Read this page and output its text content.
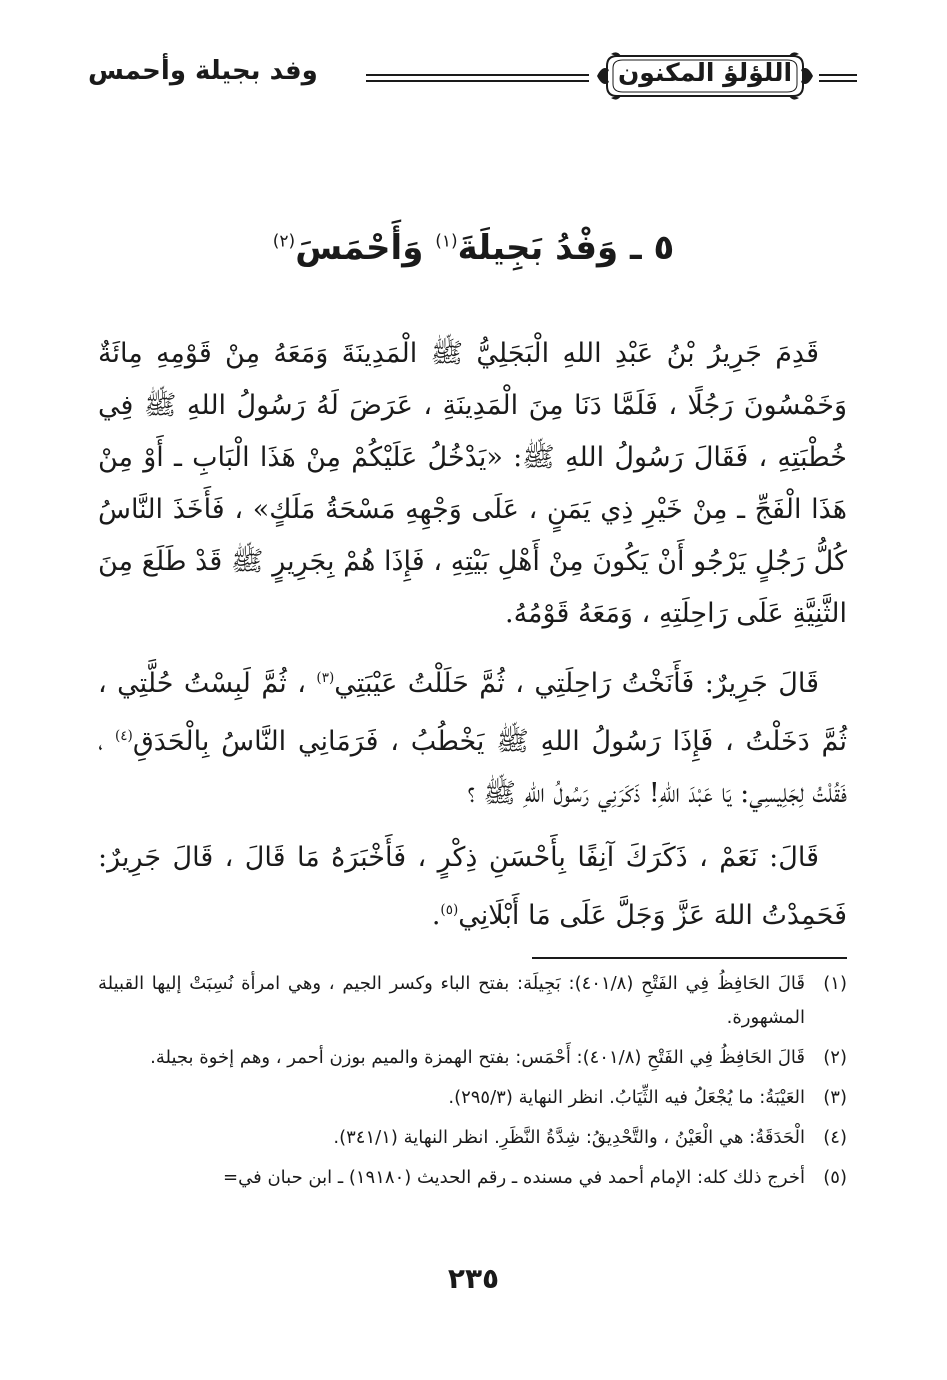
اللؤلؤ المكنون
وفد بجيلة وأحمس
٥ ـ وَفْدُ بَجِيلَةَ$^{(١)}$ وَأَحْمَسَ$^{(٢)}$

قَدِمَ جَرِيرُ بْنُ عَبْدِ اللهِ الْبَجَلِيُّ ﷺ الْمَدِينَةَ وَمَعَهُ مِنْ قَوْمِهِ مِائَةٌ وَخَمْسُونَ رَجُلًا ، فَلَمَّا دَنَا مِنَ الْمَدِينَةِ ، عَرَضَ لَهُ رَسُولُ اللهِ ﷺ فِي خُطْبَتِهِ ، فَقَالَ رَسُولُ اللهِ ﷺ: «يَدْخُلُ عَلَيْكُمْ مِنْ هَذَا الْبَابِ ـ أَوْ مِنْ هَذَا الْفَجِّ ـ مِنْ خَيْرِ ذِي يَمَنٍ ، عَلَى وَجْهِهِ مَسْحَةُ مَلَكٍ» ، فَأَخَذَ النَّاسُ كُلُّ رَجُلٍ يَرْجُو أَنْ يَكُونَ مِنْ أَهْلِ بَيْتِهِ ، فَإِذَا هُمْ بِجَرِيرٍ ﷺ قَدْ طَلَعَ مِنَ الثَّنِيَّةِ عَلَى رَاحِلَتِهِ ، وَمَعَهُ قَوْمُهُ.

قَالَ جَرِيرٌ: فَأَنَخْتُ رَاحِلَتِي ، ثُمَّ حَلَلْتُ عَيْبَتِي$^{(٣)}$ ، ثُمَّ لَبِسْتُ حُلَّتِي ، ثُمَّ دَخَلْتُ ، فَإِذَا رَسُولُ اللهِ ﷺ يَخْطُبُ ، فَرَمَانِي النَّاسُ بِالْحَدَقِ$^{(٤)}$ ، فَقُلْتُ لِجَلِيسِي: يَا عَبْدَ اللهِ! ذَكَرَنِي رَسُولُ اللهِ ﷺ ؟

قَالَ: نَعَمْ ، ذَكَرَكَ آنِفًا بِأَحْسَنِ ذِكْرٍ ، فَأَخْبَرَهُ مَا قَالَ ، قَالَ جَرِيرٌ: فَحَمِدْتُ اللهَ عَزَّ وَجَلَّ عَلَى مَا أَبْلَانِي$^{(٥)}$.

(١)
قَالَ الحَافِظُ فِي الفَتْحِ (٤٠١/٨): بَجِيلَة: بفتح الباء وكسر الجيم ، وهي امرأة نُسِبَتْ إليها القبيلة المشهورة.
(٢)
قَالَ الحَافِظُ فِي الفَتْحِ (٤٠١/٨): أَحْمَس: بفتح الهمزة والميم بوزن أحمر ، وهم إخوة بجيلة.
(٣)
العَيْبَةُ: ما يُجْعَلُ فيه الثِّيَابُ. انظر النهاية (٢٩٥/٣).
(٤)
الْحَدَقَةُ: هي الْعَيْنُ ، والتَّحْدِيقُ: شِدَّةُ النَّظَرِ. انظر النهاية (٣٤١/١).
(٥)
أخرج ذلك كله: الإمام أحمد في مسنده ـ رقم الحديث (١٩١٨٠) ـ ابن حبان في=
٢٣٥
